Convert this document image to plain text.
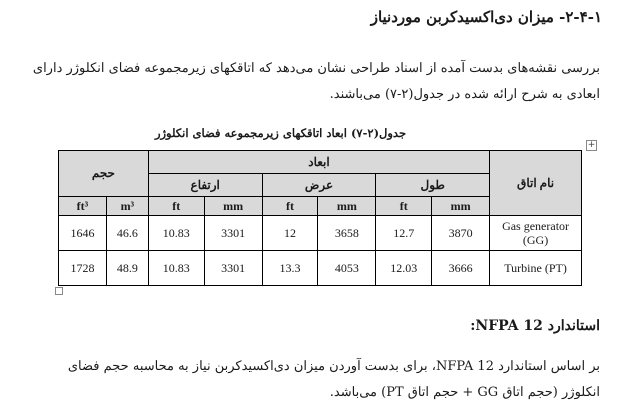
۲-۴-۱- میزان دی‌اکسیدکربن موردنیاز
بررسی نقشه‌های بدست آمده از اسناد طراحی نشان می‌دهد که اتاقکهای زیرمجموعه فضای انکلوژر دارای
ابعادی به شرح ارائه شده در جدول(۲-۷) می‌باشند.
جدول(۲-۷) ابعاد اتاقکهای زیرمجموعه فضای انکلوژر
+
حجم		ابعاد						نام اتاق
		ارتفاع		عرض		طول		
ft³	m³	ft	mm	ft	mm	ft	mm	
1646	46.6	10.83	3301	12	3658	12.7	3870	Gas generator (GG)
1728	48.9	10.83	3301	13.3	4053	12.03	3666	Turbine (PT)
استاندارد NFPA 12:
بر اساس استاندارد NFPA 12، برای بدست آوردن میزان دی‌اکسیدکربن نیاز به محاسبه حجم فضای
انکلوژر (حجم اتاق GG + حجم اتاق PT) می‌باشد.
